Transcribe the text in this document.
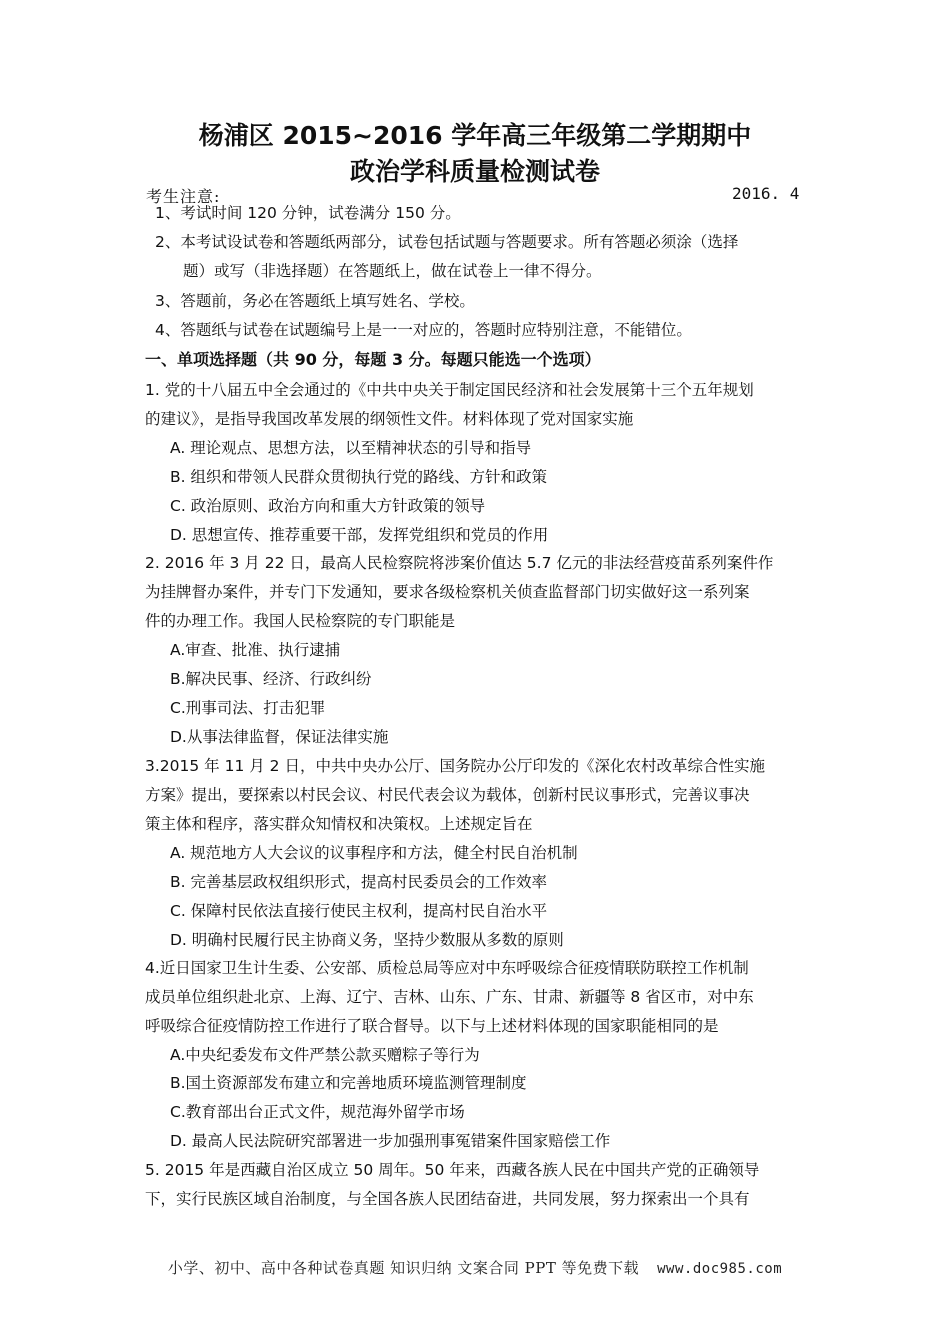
杨浦区 2015~2016 学年高三年级第二学期期中
政治学科质量检测试卷
考生注意:	2016. 4
1、考试时间 120 分钟，试卷满分 150 分。
2、本考试设试卷和答题纸两部分，试卷包括试题与答题要求。所有答题必须涂（选择
题）或写（非选择题）在答题纸上，做在试卷上一律不得分。
3、答题前，务必在答题纸上填写姓名、学校。
4、答题纸与试卷在试题编号上是一一对应的，答题时应特别注意，不能错位。
一、单项选择题（共 90 分，每题 3 分。每题只能选一个选项）
1. 党的十八届五中全会通过的《中共中央关于制定国民经济和社会发展第十三个五年规划
的建议》，是指导我国改革发展的纲领性文件。材料体现了党对国家实施
A. 理论观点、思想方法，以至精神状态的引导和指导
B. 组织和带领人民群众贯彻执行党的路线、方针和政策
C. 政治原则、政治方向和重大方针政策的领导
D. 思想宣传、推荐重要干部，发挥党组织和党员的作用
2. 2016 年 3 月 22 日，最高人民检察院将涉案价值达 5.7 亿元的非法经营疫苗系列案件作
为挂牌督办案件，并专门下发通知，要求各级检察机关侦查监督部门切实做好这一系列案
件的办理工作。我国人民检察院的专门职能是
A.审查、批准、执行逮捕
B.解决民事、经济、行政纠纷
C.刑事司法、打击犯罪
D.从事法律监督，保证法律实施
3.2015 年 11 月 2 日，中共中央办公厅、国务院办公厅印发的《深化农村改革综合性实施
方案》提出，要探索以村民会议、村民代表会议为载体，创新村民议事形式，完善议事决
策主体和程序，落实群众知情权和决策权。上述规定旨在
A. 规范地方人大会议的议事程序和方法，健全村民自治机制
B. 完善基层政权组织形式，提高村民委员会的工作效率
C. 保障村民依法直接行使民主权利，提高村民自治水平
D. 明确村民履行民主协商义务，坚持少数服从多数的原则
4.近日国家卫生计生委、公安部、质检总局等应对中东呼吸综合征疫情联防联控工作机制
成员单位组织赴北京、上海、辽宁、吉林、山东、广东、甘肃、新疆等 8 省区市，对中东
呼吸综合征疫情防控工作进行了联合督导。以下与上述材料体现的国家职能相同的是
A.中央纪委发布文件严禁公款买赠粽子等行为
B.国土资源部发布建立和完善地质环境监测管理制度
C.教育部出台正式文件，规范海外留学市场
D. 最高人民法院研究部署进一步加强刑事冤错案件国家赔偿工作
5. 2015 年是西藏自治区成立 50 周年。50 年来，西藏各族人民在中国共产党的正确领导
下，实行民族区域自治制度，与全国各族人民团结奋进，共同发展，努力探索出一个具有
小学、初中、高中各种试卷真题 知识归纳 文案合同 PPT 等免费下载 www.doc985.com
